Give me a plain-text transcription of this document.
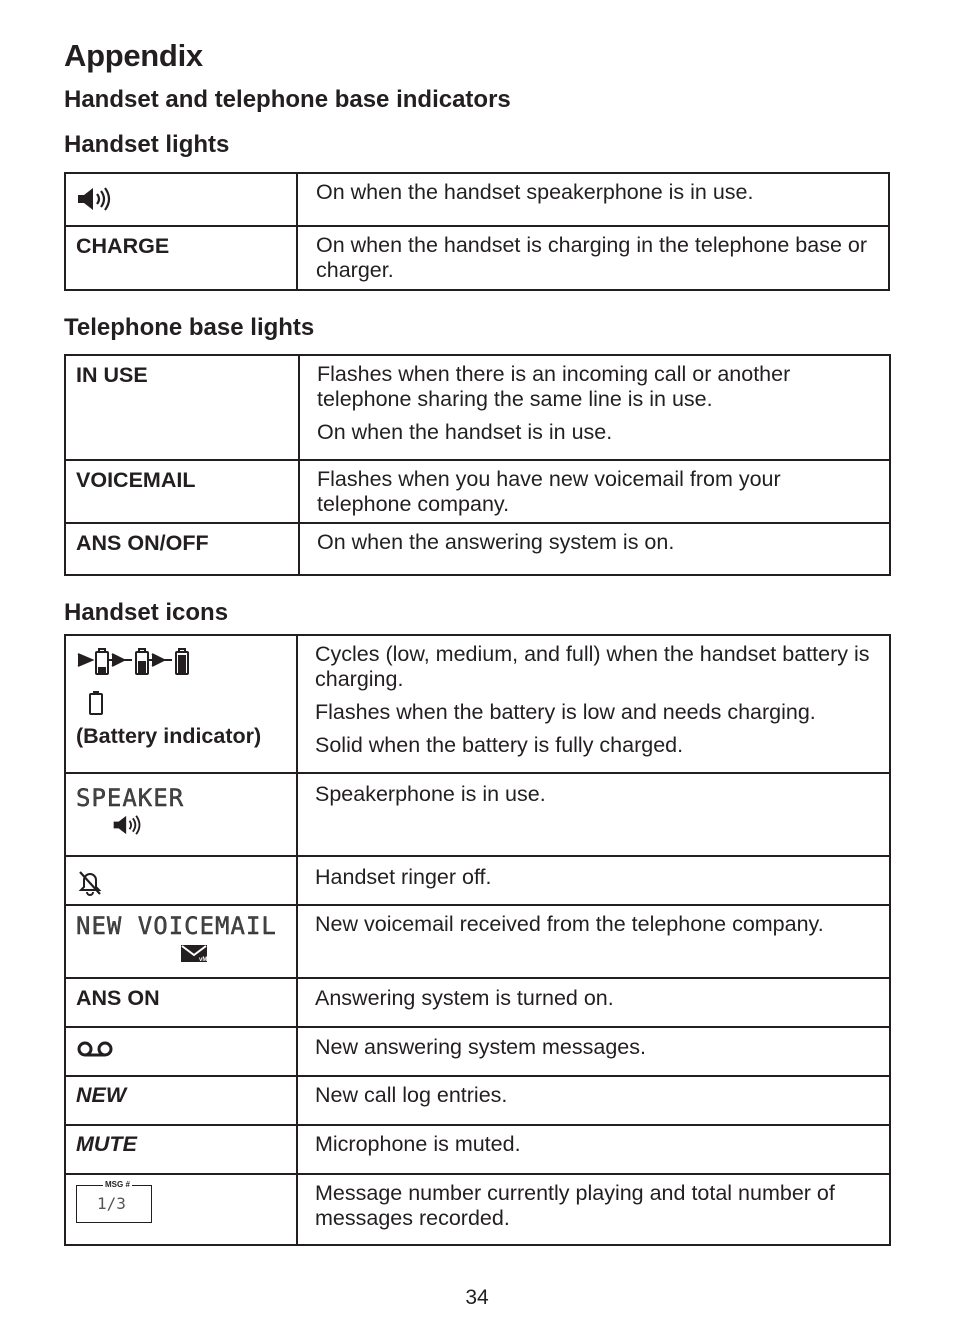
Appendix
Handset and telephone base indicators
Handset lights
	On when the handset speakerphone is in use.
CHARGE	On when the handset is charging in the telephone base or charger.
Telephone base lights
IN USE	Flashes when there is an incoming call or another telephone sharing the same line is in use.

On when the handset is in use.

VOICEMAIL	Flashes when you have new voicemail from your telephone company.
ANS ON/OFF	On when the answering system is on.
Handset icons
(Battery indicator)	Cycles (low, medium, and full) when the handset battery is charging.

Flashes when the battery is low and needs charging.

Solid when the battery is fully charged.

SPEAKER	Speakerphone is in use.

	Handset ringer off.

NEW VOICEMAIL
vM	New voicemail received from the telephone company.
ANS ON	Answering system is turned on.

	New answering system messages.
NEW	New call log entries.
MUTE	Microphone is muted.

MSG #
1/3	Message number currently playing and total number of messages recorded.
34
